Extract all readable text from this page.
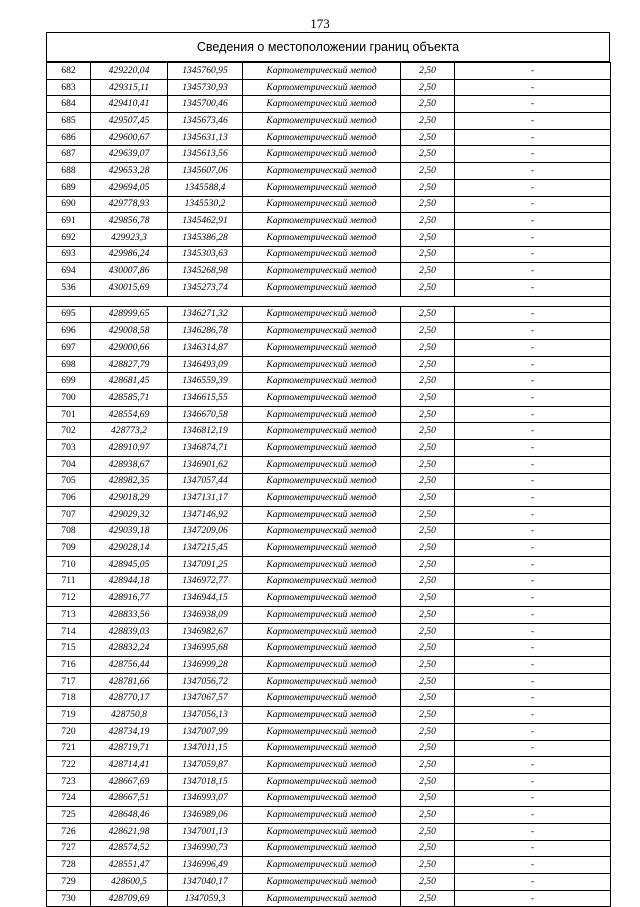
173
Сведения о местоположении границ объекта
682	429220,04	1345760,95	Картометрический метод	2,50	-
683	429315,11	1345730,93	Картометрический метод	2,50	-
684	429410,41	1345700,46	Картометрический метод	2,50	-
685	429507,45	1345673,46	Картометрический метод	2,50	-
686	429600,67	1345631,13	Картометрический метод	2,50	-
687	429639,07	1345613,56	Картометрический метод	2,50	-
688	429653,28	1345607,06	Картометрический метод	2,50	-
689	429694,05	1345588,4	Картометрический метод	2,50	-
690	429778,93	1345530,2	Картометрический метод	2,50	-
691	429856,78	1345462,91	Картометрический метод	2,50	-
692	429923,3	1345386,28	Картометрический метод	2,50	-
693	429986,24	1345303,63	Картометрический метод	2,50	-
694	430007,86	1345268,98	Картометрический метод	2,50	-
536	430015,69	1345273,74	Картометрический метод	2,50	-

695	428999,65	1346271,32	Картометрический метод	2,50	-
696	429008,58	1346286,78	Картометрический метод	2,50	-
697	429000,66	1346314,87	Картометрический метод	2,50	-
698	428827,79	1346493,09	Картометрический метод	2,50	-
699	428681,45	1346559,39	Картометрический метод	2,50	-
700	428585,71	1346615,55	Картометрический метод	2,50	-
701	428554,69	1346670,58	Картометрический метод	2,50	-
702	428773,2	1346812,19	Картометрический метод	2,50	-
703	428910,97	1346874,71	Картометрический метод	2,50	-
704	428938,67	1346901,62	Картометрический метод	2,50	-
705	428982,35	1347057,44	Картометрический метод	2,50	-
706	429018,29	1347131,17	Картометрический метод	2,50	-
707	429029,32	1347146,92	Картометрический метод	2,50	-
708	429039,18	1347209,06	Картометрический метод	2,50	-
709	429028,14	1347215,45	Картометрический метод	2,50	-
710	428945,05	1347091,25	Картометрический метод	2,50	-
711	428944,18	1346972,77	Картометрический метод	2,50	-
712	428916,77	1346944,15	Картометрический метод	2,50	-
713	428833,56	1346938,09	Картометрический метод	2,50	-
714	428839,03	1346982,67	Картометрический метод	2,50	-
715	428832,24	1346995,68	Картометрический метод	2,50	-
716	428756,44	1346999,28	Картометрический метод	2,50	-
717	428781,66	1347056,72	Картометрический метод	2,50	-
718	428770,17	1347067,57	Картометрический метод	2,50	-
719	428750,8	1347056,13	Картометрический метод	2,50	-
720	428734,19	1347007,99	Картометрический метод	2,50	-
721	428719,71	1347011,15	Картометрический метод	2,50	-
722	428714,41	1347059,87	Картометрический метод	2,50	-
723	428667,69	1347018,15	Картометрический метод	2,50	-
724	428667,51	1346993,07	Картометрический метод	2,50	-
725	428648,46	1346989,06	Картометрический метод	2,50	-
726	428621,98	1347001,13	Картометрический метод	2,50	-
727	428574,52	1346990,73	Картометрический метод	2,50	-
728	428551,47	1346996,49	Картометрический метод	2,50	-
729	428600,5	1347040,17	Картометрический метод	2,50	-
730	428709,69	1347059,3	Картометрический метод	2,50	-
